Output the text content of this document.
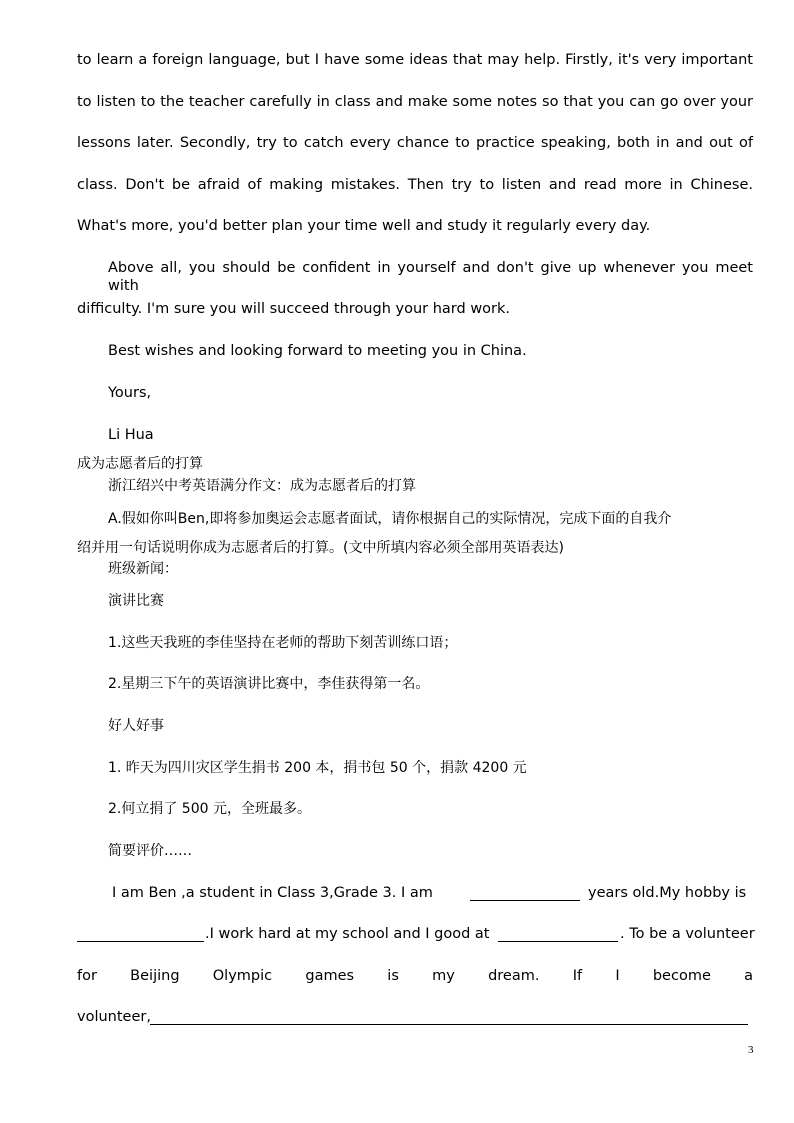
to learn a foreign language, but I have some ideas that may help. Firstly, it's very important
to listen to the teacher carefully in class and make some notes so that you can go over your
lessons later. Secondly, try to catch every chance to practice speaking, both in and out of
class. Don't be afraid of making mistakes. Then try to listen and read more in Chinese.
What's more, you'd better plan your time well and study it regularly every day.
Above all, you should be confident in yourself and don't give up whenever you meet with
difficulty. I'm sure you will succeed through your hard work.
Best wishes and looking forward to meeting you in China.
Yours,
Li Hua
成为志愿者后的打算
浙江绍兴中考英语满分作文：成为志愿者后的打算
A.假如你叫Ben,即将参加奥运会志愿者面试，请你根据自己的实际情况，完成下面的自我介
绍并用一句话说明你成为志愿者后的打算。(文中所填内容必须全部用英语表达)
班级新闻：
演讲比赛
1.这些天我班的李佳坚持在老师的帮助下刻苦训练口语；
2.星期三下午的英语演讲比赛中，李佳获得第一名。
好人好事
1. 昨天为四川灾区学生捐书 200 本，捐书包 50 个，捐款 4200 元
2.何立捐了 500 元，全班最多。
简要评价……
I am Ben ,a student in Class 3,Grade 3. I am	years old.My hobby is
.I work hard at my school and I good at	. To be a volunteer
for Beijing Olympic games is my dream. If I become a
volunteer,
3
